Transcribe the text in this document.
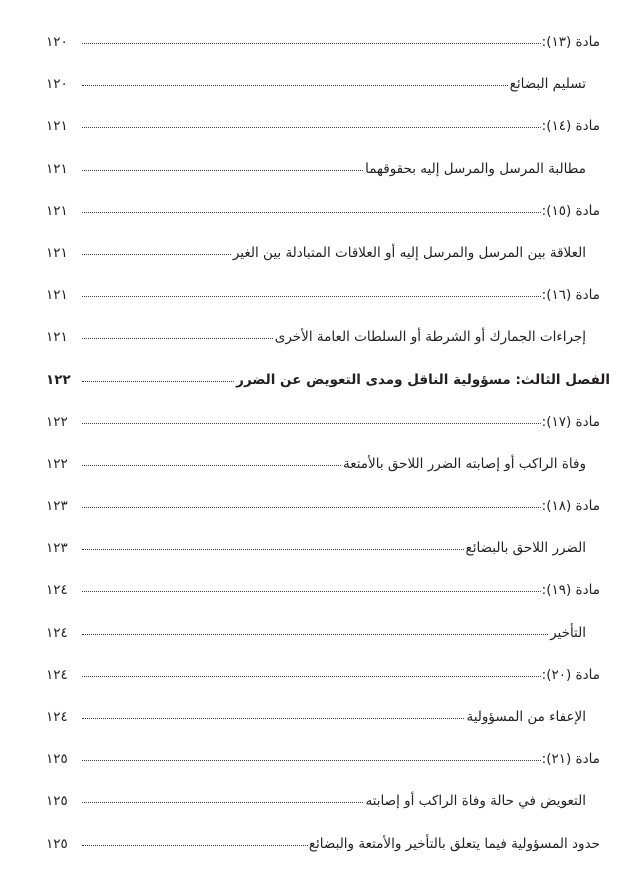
مادة (١٣):
١٢٠
تسليم البضائع
١٢٠
مادة (١٤):
١٢١
مطالبة المرسل والمرسل إليه بحقوقهما
١٢١
مادة (١٥):
١٢١
العلاقة بين المرسل والمرسل إليه أو العلاقات المتبادلة بين الغير
١٢١
مادة (١٦):
١٢١
إجراءات الجمارك أو الشرطة أو السلطات العامة الأخرى
١٢١
الفصل الثالث: مسؤولية الناقل ومدى التعويض عن الضرر
١٢٢
مادة (١٧):
١٢٢
وفاة الراكب أو إصابته الضرر اللاحق بالأمتعة
١٢٢
مادة (١٨):
١٢٣
الضرر اللاحق بالبضائع
١٢٣
مادة (١٩):
١٢٤
التأخير
١٢٤
مادة (٢٠):
١٢٤
الإعفاء من المسؤولية
١٢٤
مادة (٢١):
١٢٥
التعويض في حالة وفاة الراكب أو إصابته
١٢٥
حدود المسؤولية فيما يتعلق بالتأخير والأمتعة والبضائع
١٢٥
